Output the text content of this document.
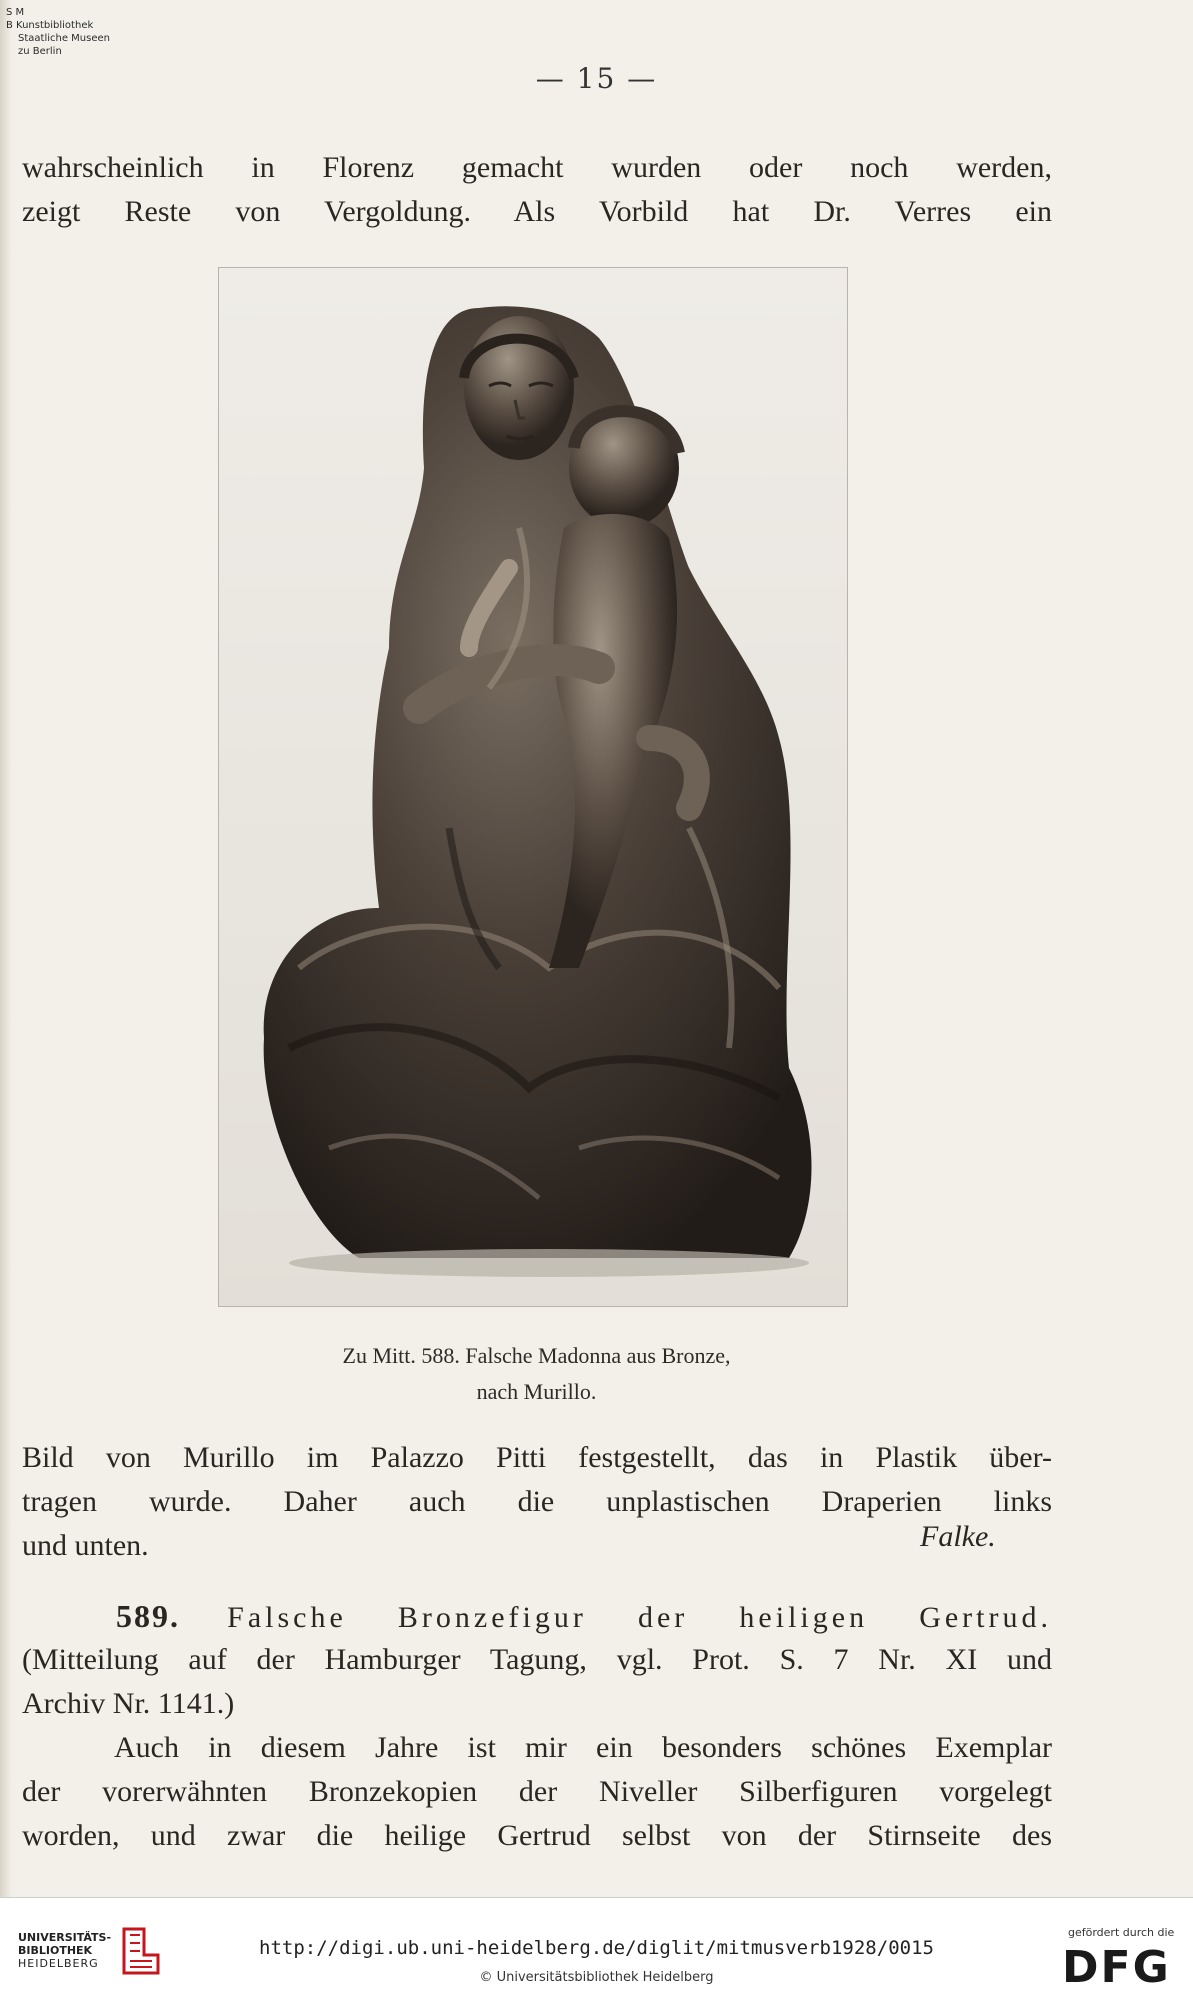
S M
B Kunstbibliothek
Staatliche Museen
zu Berlin
— 15 —
wahrscheinlich in Florenz gemacht wurden oder noch werden,
zeigt Reste von Vergoldung. Als Vorbild hat Dr. Verres ein
Zu Mitt. 588. Falsche Madonna aus Bronze,
nach Murillo.
Bild von Murillo im Palazzo Pitti festgestellt, das in Plastik über-
tragen wurde. Daher auch die unplastischen Draperien links
und unten.	Falke.
589. Falsche Bronzefigur der heiligen Gertrud.
(Mitteilung auf der Hamburger Tagung, vgl. Prot. S. 7 Nr. XI und
Archiv Nr. 1141.)
Auch in diesem Jahre ist mir ein besonders schönes Exemplar
der vorerwähnten Bronzekopien der Niveller Silberfiguren vorgelegt
worden, und zwar die heilige Gertrud selbst von der Stirnseite des
UNIVERSITÄTS-
BIBLIOTHEK
HEIDELBERG
http://digi.ub.uni-heidelberg.de/diglit/mitmusverb1928/0015
© Universitätsbibliothek Heidelberg
gefördert durch die
DFG
